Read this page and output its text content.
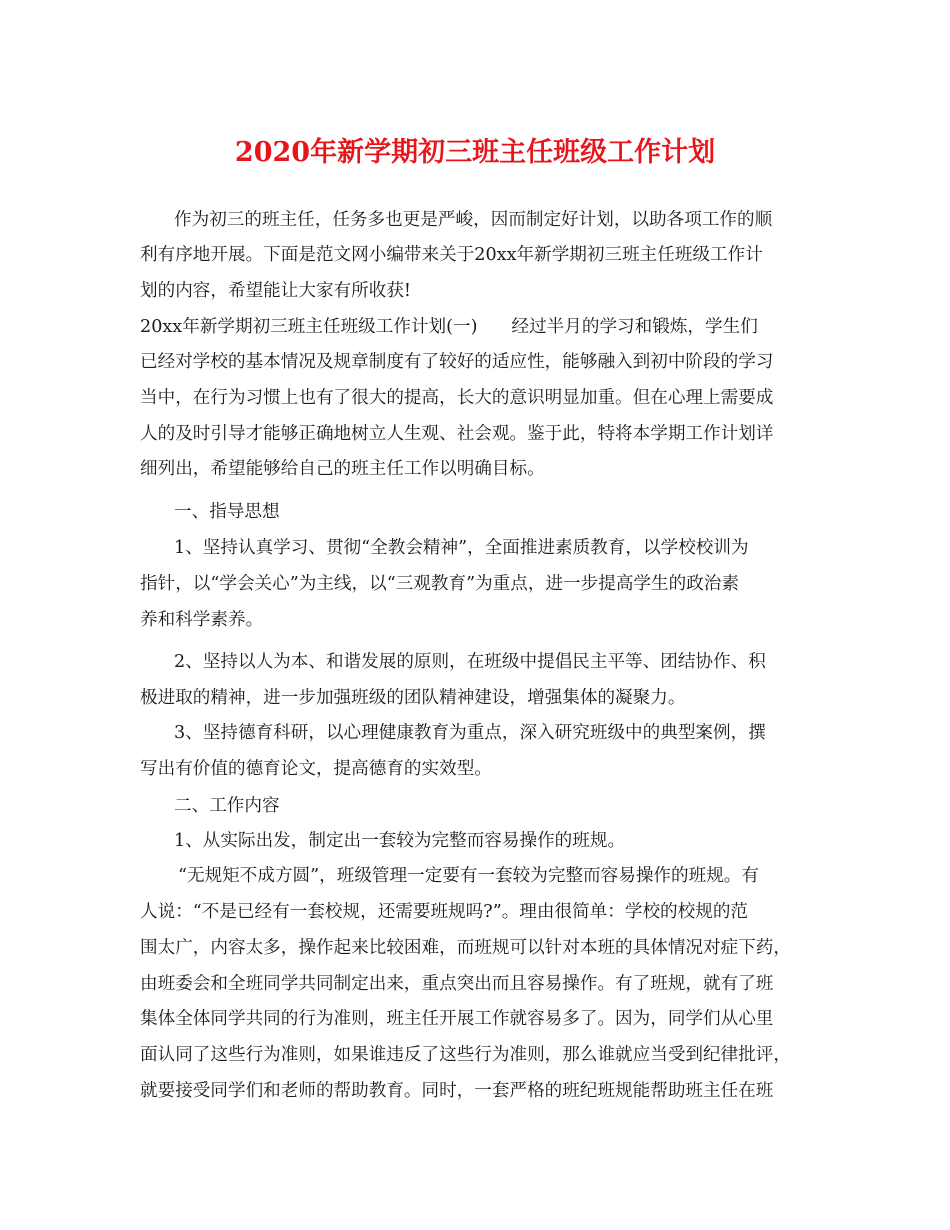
2020年新学期初三班主任班级工作计划
作为初三的班主任，任务多也更是严峻，因而制定好计划，以助各项工作的顺
利有序地开展。下面是范文网小编带来关于20xx年新学期初三班主任班级工作计
划的内容，希望能让大家有所收获!
20xx年新学期初三班主任班级工作计划(一) 经过半月的学习和锻炼，学生们
已经对学校的基本情况及规章制度有了较好的适应性，能够融入到初中阶段的学习
当中，在行为习惯上也有了很大的提高，长大的意识明显加重。但在心理上需要成
人的及时引导才能够正确地树立人生观、社会观。鉴于此，特将本学期工作计划详
细列出，希望能够给自己的班主任工作以明确目标。
一、指导思想
1、坚持认真学习、贯彻“全教会精神”，全面推进素质教育，以学校校训为
指针，以“学会关心”为主线，以“三观教育”为重点，进一步提高学生的政治素
养和科学素养。
2、坚持以人为本、和谐发展的原则，在班级中提倡民主平等、团结协作、积
极进取的精神，进一步加强班级的团队精神建设，增强集体的凝聚力。
3、坚持德育科研，以心理健康教育为重点，深入研究班级中的典型案例，撰
写出有价值的德育论文，提高德育的实效型。
二、工作内容
1、从实际出发，制定出一套较为完整而容易操作的班规。
“无规矩不成方圆”，班级管理一定要有一套较为完整而容易操作的班规。有
人说：“不是已经有一套校规，还需要班规吗?”。理由很简单：学校的校规的范
围太广，内容太多，操作起来比较困难，而班规可以针对本班的具体情况对症下药，
由班委会和全班同学共同制定出来，重点突出而且容易操作。有了班规，就有了班
集体全体同学共同的行为准则，班主任开展工作就容易多了。因为，同学们从心里
面认同了这些行为准则，如果谁违反了这些行为准则，那么谁就应当受到纪律批评，
就要接受同学们和老师的帮助教育。同时，一套严格的班纪班规能帮助班主任在班
